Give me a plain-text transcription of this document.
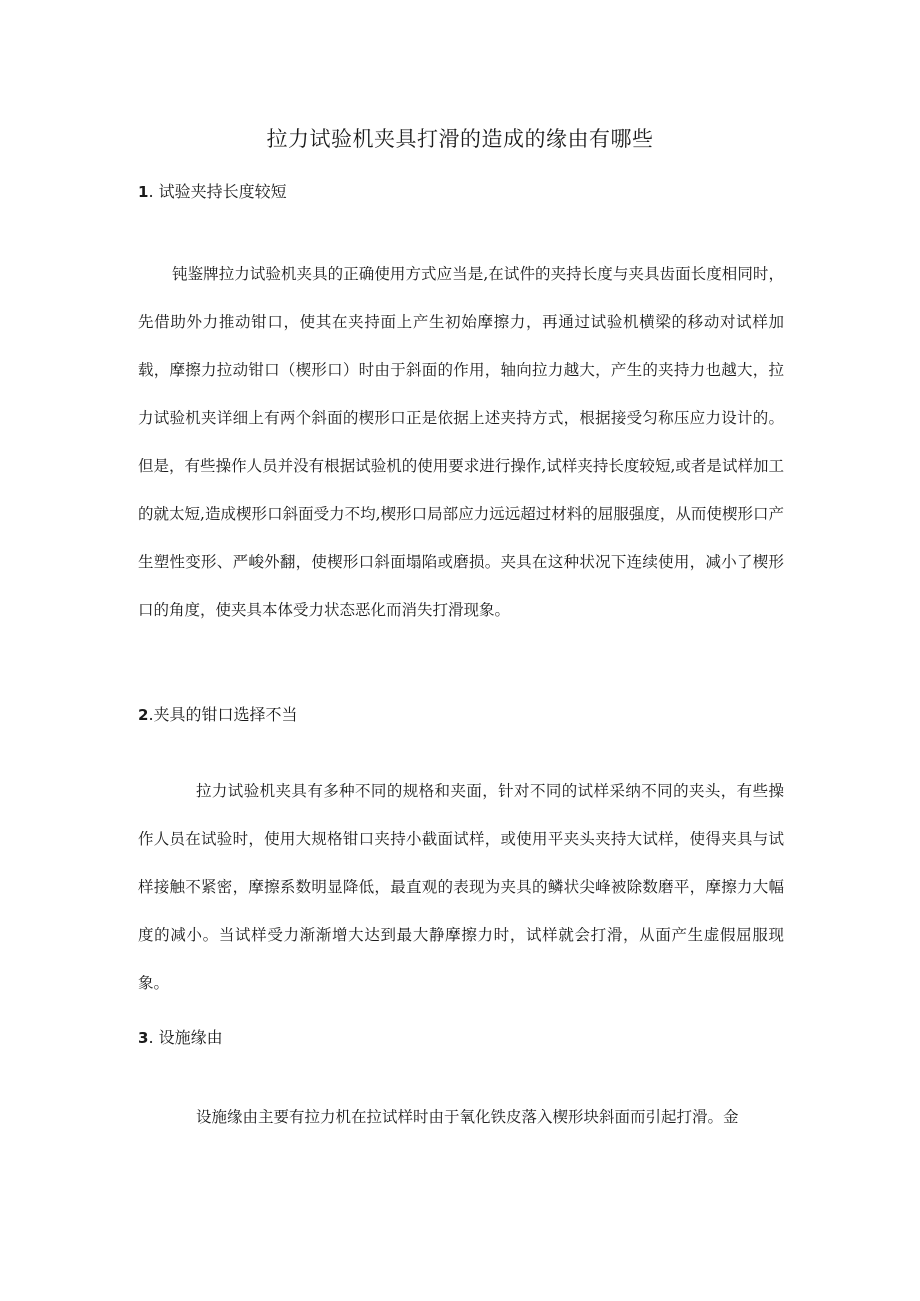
拉力试验机夹具打滑的造成的缘由有哪些
1. 试验夹持长度较短

钝鉴牌拉力试验机夹具的正确使用方式应当是,在试件的夹持长度与夹具齿面长度相同时，先借助外力推动钳口，使其在夹持面上产生初始摩擦力，再通过试验机横梁的移动对试样加载，摩擦力拉动钳口（楔形口）时由于斜面的作用，轴向拉力越大，产生的夹持力也越大，拉力试验机夹详细上有两个斜面的楔形口正是依据上述夹持方式，根据接受匀称压应力设计的。但是，有些操作人员并没有根据试验机的使用要求进行操作,试样夹持长度较短,或者是试样加工的就太短,造成楔形口斜面受力不均,楔形口局部应力远远超过材料的屈服强度，从而使楔形口产生塑性变形、严峻外翻，使楔形口斜面塌陷或磨损。夹具在这种状况下连续使用，减小了楔形口的角度，使夹具本体受力状态恶化而消失打滑现象。

2.夹具的钳口选择不当

拉力试验机夹具有多种不同的规格和夹面，针对不同的试样采纳不同的夹头，有些操作人员在试验时，使用大规格钳口夹持小截面试样，或使用平夹头夹持大试样，使得夹具与试样接触不紧密，摩擦系数明显降低，最直观的表现为夹具的鳞状尖峰被除数磨平，摩擦力大幅度的减小。当试样受力渐渐增大达到最大静摩擦力时，试样就会打滑，从面产生虚假屈服现象。

3. 设施缘由

设施缘由主要有拉力机在拉试样时由于氧化铁皮落入楔形块斜面而引起打滑。金
